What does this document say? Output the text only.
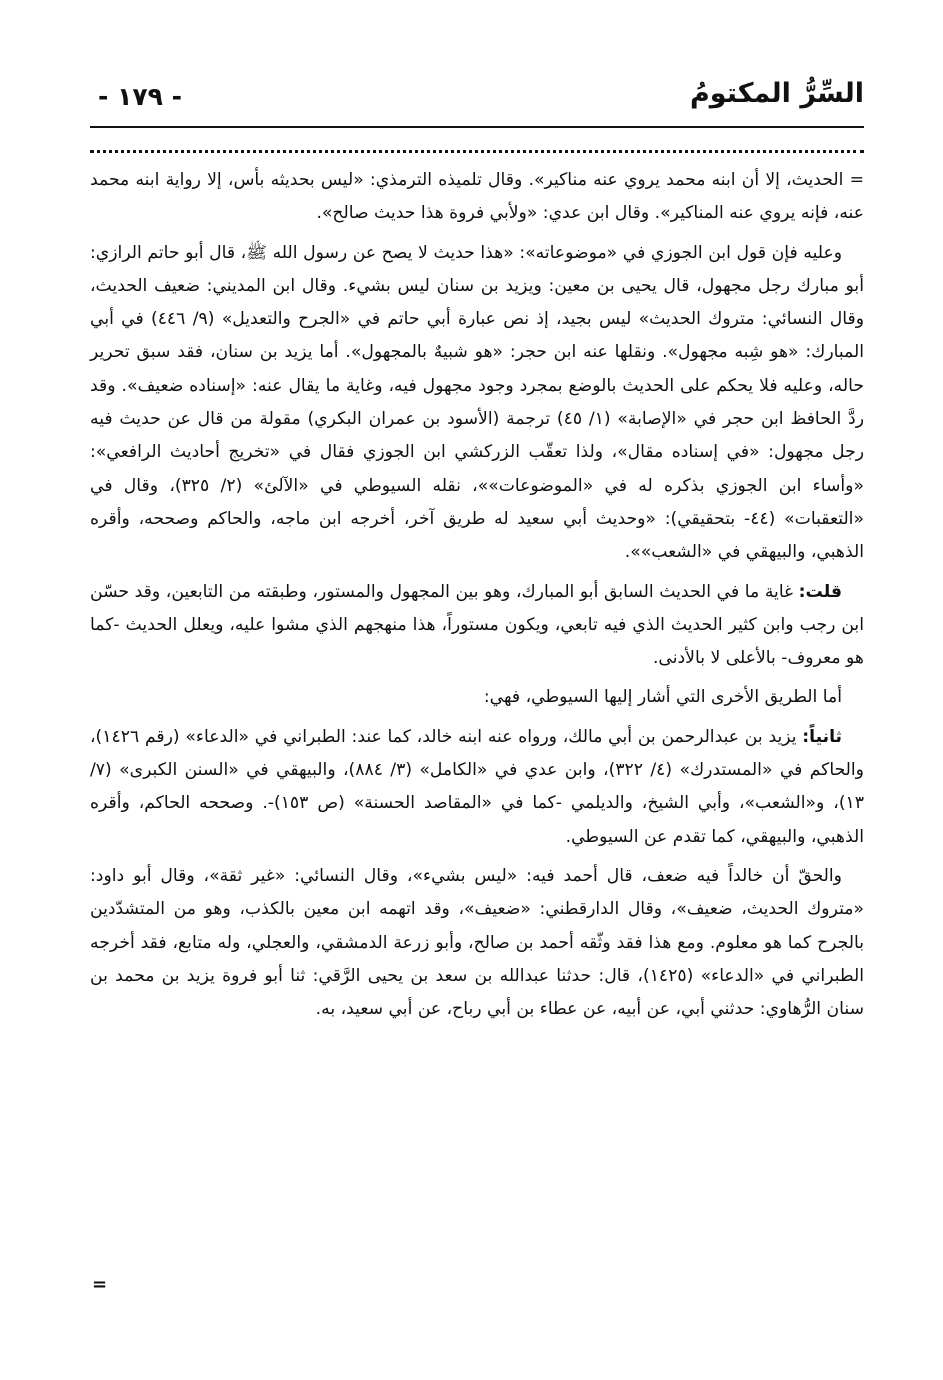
السِّرُّ المكتومُ
- ١٧٩ -

= الحديث، إلا أن ابنه محمد يروي عنه مناكير». وقال تلميذه الترمذي: «ليس بحديثه بأس، إلا رواية ابنه محمد عنه، فإنه يروي عنه المناكير». وقال ابن عدي: «ولأبي فروة هذا حديث صالح».

وعليه فإن قول ابن الجوزي في «موضوعاته»: «هذا حديث لا يصح عن رسول الله ﷺ، قال أبو حاتم الرازي: أبو مبارك رجل مجهول، قال يحيى بن معين: ويزيد بن سنان ليس بشيء. وقال ابن المديني: ضعيف الحديث، وقال النسائي: متروك الحديث» ليس بجيد، إذ نص عبارة أبي حاتم في «الجرح والتعديل» (٩/ ٤٤٦) في أبي المبارك: «هو شِبه مجهول». ونقلها عنه ابن حجر: «هو شبيهٌ بالمجهول». أما يزيد بن سنان، فقد سبق تحرير حاله، وعليه فلا يحكم على الحديث بالوضع بمجرد وجود مجهول فيه، وغاية ما يقال عنه: «إسناده ضعيف». وقد ردَّ الحافظ ابن حجر في «الإصابة» (١/ ٤٥) ترجمة (الأسود بن عمران البكري) مقولة من قال عن حديث فيه رجل مجهول: «في إسناده مقال»، ولذا تعقّب الزركشي ابن الجوزي فقال في «تخريج أحاديث الرافعي»: «وأساء ابن الجوزي بذكره له في «الموضوعات»»، نقله السيوطي في «الآلئ» (٢/ ٣٢٥)، وقال في «التعقبات» (٤٤- بتحقيقي): «وحديث أبي سعيد له طريق آخر، أخرجه ابن ماجه، والحاكم وصححه، وأقره الذهبي، والبيهقي في «الشعب»».

قلت: غاية ما في الحديث السابق أبو المبارك، وهو بين المجهول والمستور، وطبقته من التابعين، وقد حسّن ابن رجب وابن كثير الحديث الذي فيه تابعي، ويكون مستوراً، هذا منهجهم الذي مشوا عليه، ويعلل الحديث -كما هو معروف- بالأعلى لا بالأدنى.

أما الطريق الأخرى التي أشار إليها السيوطي، فهي:

ثانياً: يزيد بن عبدالرحمن بن أبي مالك، ورواه عنه ابنه خالد، كما عند: الطبراني في «الدعاء» (رقم ١٤٢٦)، والحاكم في «المستدرك» (٤/ ٣٢٢)، وابن عدي في «الكامل» (٣/ ٨٨٤)، والبيهقي في «السنن الكبرى» (٧/ ١٣)، و«الشعب»، وأبي الشيخ، والديلمي -كما في «المقاصد الحسنة» (ص ١٥٣)-. وصححه الحاكم، وأقره الذهبي، والبيهقي، كما تقدم عن السيوطي.

والحقّ أن خالداً فيه ضعف، قال أحمد فيه: «ليس بشيء»، وقال النسائي: «غير ثقة»، وقال أبو داود: «متروك الحديث، ضعيف»، وقال الدارقطني: «ضعيف»، وقد اتهمه ابن معين بالكذب، وهو من المتشدّدين بالجرح كما هو معلوم. ومع هذا فقد وثّقه أحمد بن صالح، وأبو زرعة الدمشقي، والعجلي، وله متابع، فقد أخرجه الطبراني في «الدعاء» (١٤٢٥)، قال: حدثنا عبدالله بن سعد بن يحيى الرَّقي: ثنا أبو فروة يزيد بن محمد بن سنان الرُّهاوي: حدثني أبي، عن أبيه، عن عطاء بن أبي رباح، عن أبي سعيد، به.

=
